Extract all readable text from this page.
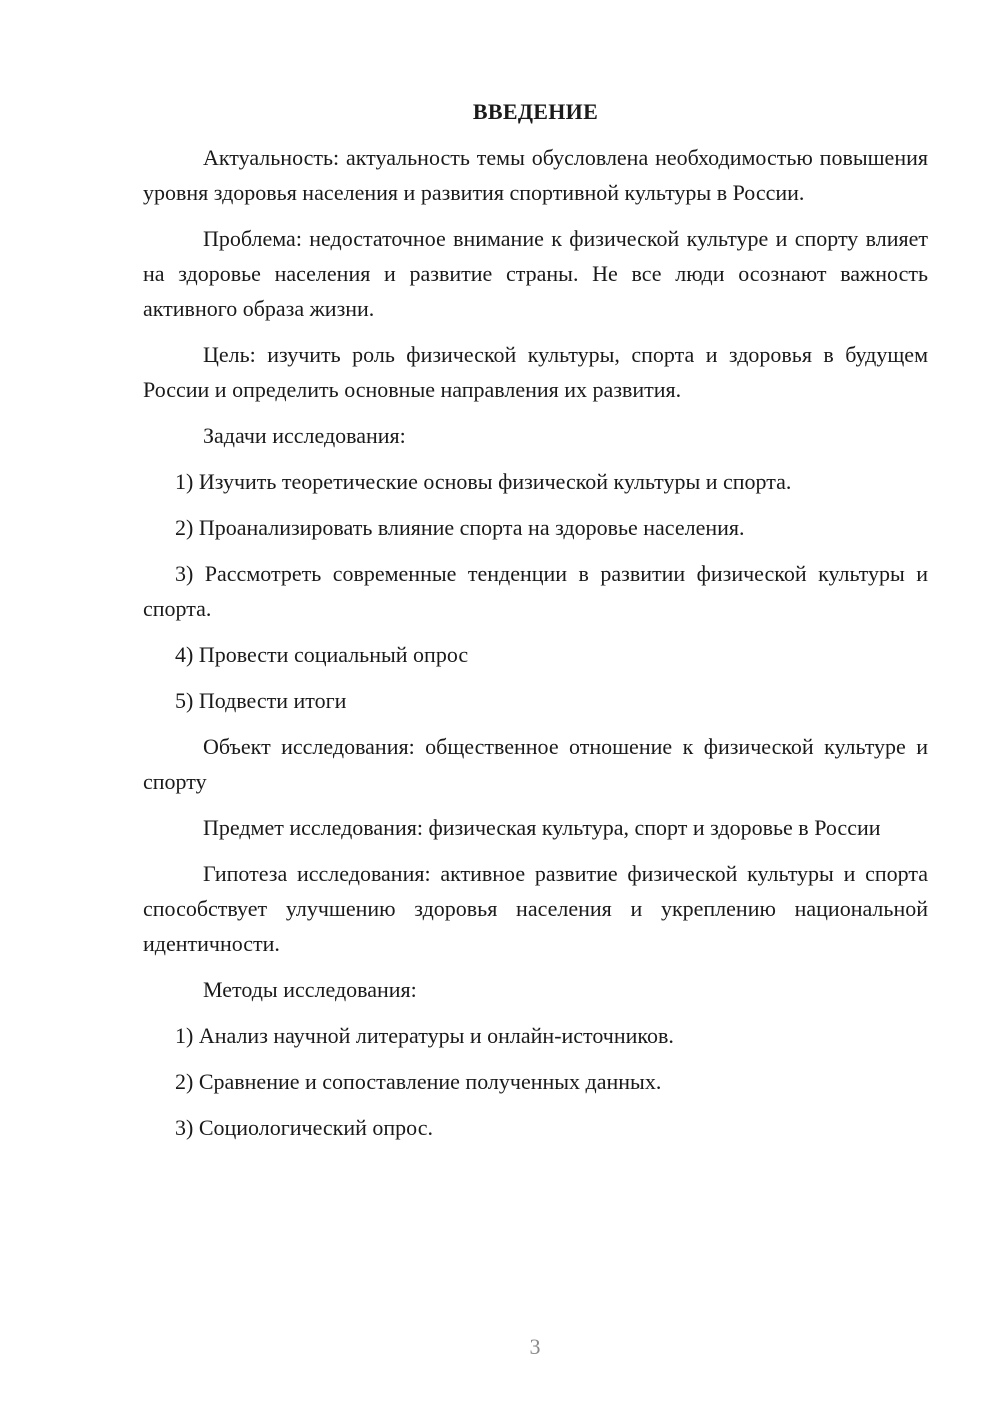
ВВЕДЕНИЕ

Актуальность: актуальность темы обусловлена необходимостью повышения уровня здоровья населения и развития спортивной культуры в России.

Проблема: недостаточное внимание к физической культуре и спорту влияет на здоровье населения и развитие страны. Не все люди осознают важность активного образа жизни.

Цель: изучить роль физической культуры, спорта и здоровья в будущем России и определить основные направления их развития.

Задачи исследования:

1) Изучить теоретические основы физической культуры и спорта.

2) Проанализировать влияние спорта на здоровье населения.

3) Рассмотреть современные тенденции в развитии физической культуры и спорта.

4) Провести социальный опрос

5) Подвести итоги

Объект исследования: общественное отношение к физической культуре и спорту

Предмет исследования: физическая культура, спорт и здоровье в России

Гипотеза исследования: активное развитие физической культуры и спорта способствует улучшению здоровья населения и укреплению национальной идентичности.

Методы исследования:

1) Анализ научной литературы и онлайн-источников.

2) Сравнение и сопоставление полученных данных.

3) Социологический опрос.

3
